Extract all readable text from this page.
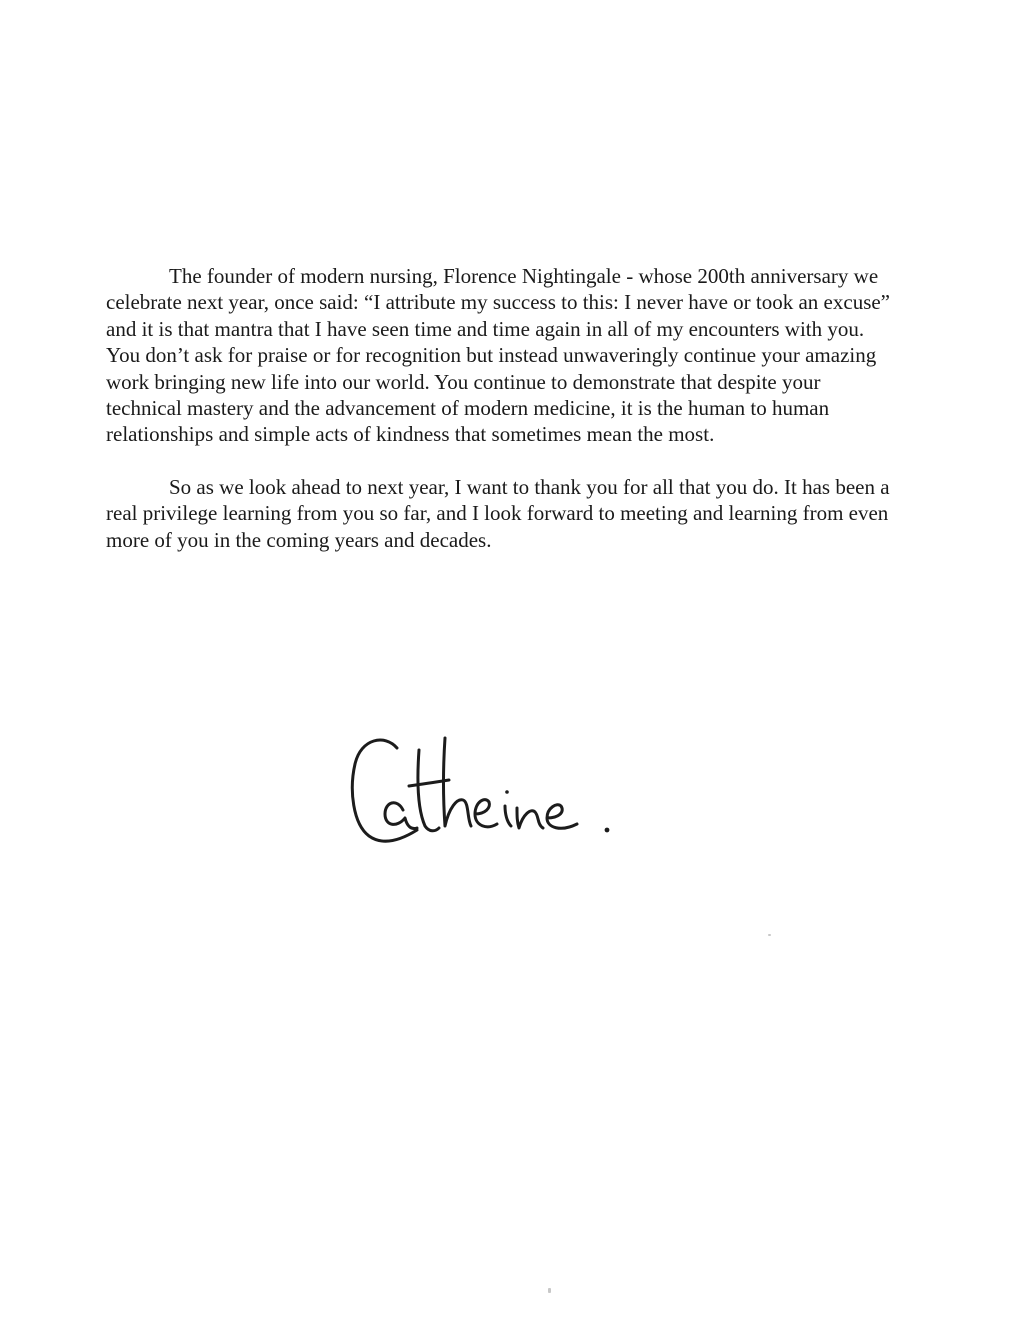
The founder of modern nursing, Florence Nightingale - whose 200th anniversary we celebrate next year, once said: “I attribute my success to this: I never have or took an excuse” and it is that mantra that I have seen time and time again in all of my encounters with you. You don’t ask for praise or for recognition but instead unwaveringly continue your amazing work bringing new life into our world. You continue to demonstrate that despite your technical mastery and the advancement of modern medicine, it is the human to human relationships and simple acts of kindness that sometimes mean the most.

So as we look ahead to next year, I want to thank you for all that you do. It has been a real privilege learning from you so far, and I look forward to meeting and learning from even more of you in the coming years and decades.
